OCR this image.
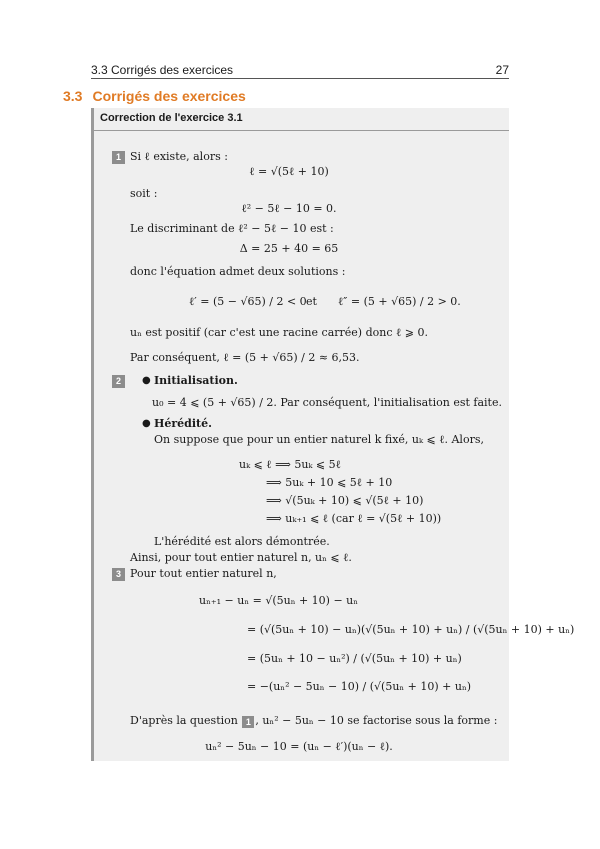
3.3 Corrigés des exercices	27
3.3 Corrigés des exercices
Correction de l'exercice 3.1
1 Si ℓ existe, alors :
ℓ = √(5ℓ + 10)
soit :
ℓ² − 5ℓ − 10 = 0.
Le discriminant de ℓ² − 5ℓ − 10 est :
Δ = 25 + 40 = 65
donc l'équation admet deux solutions :
ℓ′ = (5 − √65) / 2 < 0 et ℓ″ = (5 + √65) / 2 > 0.
uₙ est positif (car c'est une racine carrée) donc ℓ ⩾ 0.
Par conséquent, ℓ = (5 + √65) / 2 ≈ 6,53.
2	● Initialisation.
u₀ = 4 ⩽ (5 + √65) / 2. Par conséquent, l'initialisation est faite.
● Hérédité.
On suppose que pour un entier naturel k fixé, uₖ ⩽ ℓ. Alors,
uₖ ⩽ ℓ ⟹ 5uₖ ⩽ 5ℓ
⟹ 5uₖ + 10 ⩽ 5ℓ + 10
⟹ √(5uₖ + 10) ⩽ √(5ℓ + 10)
⟹ uₖ₊₁ ⩽ ℓ (car ℓ = √(5ℓ + 10))
L'hérédité est alors démontrée.
Ainsi, pour tout entier naturel n, uₙ ⩽ ℓ.
3 Pour tout entier naturel n,
uₙ₊₁ − uₙ = √(5uₙ + 10) − uₙ
= (√(5uₙ + 10) − uₙ)(√(5uₙ + 10) + uₙ) / (√(5uₙ + 10) + uₙ)
= (5uₙ + 10 − uₙ²) / (√(5uₙ + 10) + uₙ)
= −(uₙ² − 5uₙ − 10) / (√(5uₙ + 10) + uₙ)
D'après la question 1 , uₙ² − 5uₙ − 10 se factorise sous la forme :
uₙ² − 5uₙ − 10 = (uₙ − ℓ′)(uₙ − ℓ).
